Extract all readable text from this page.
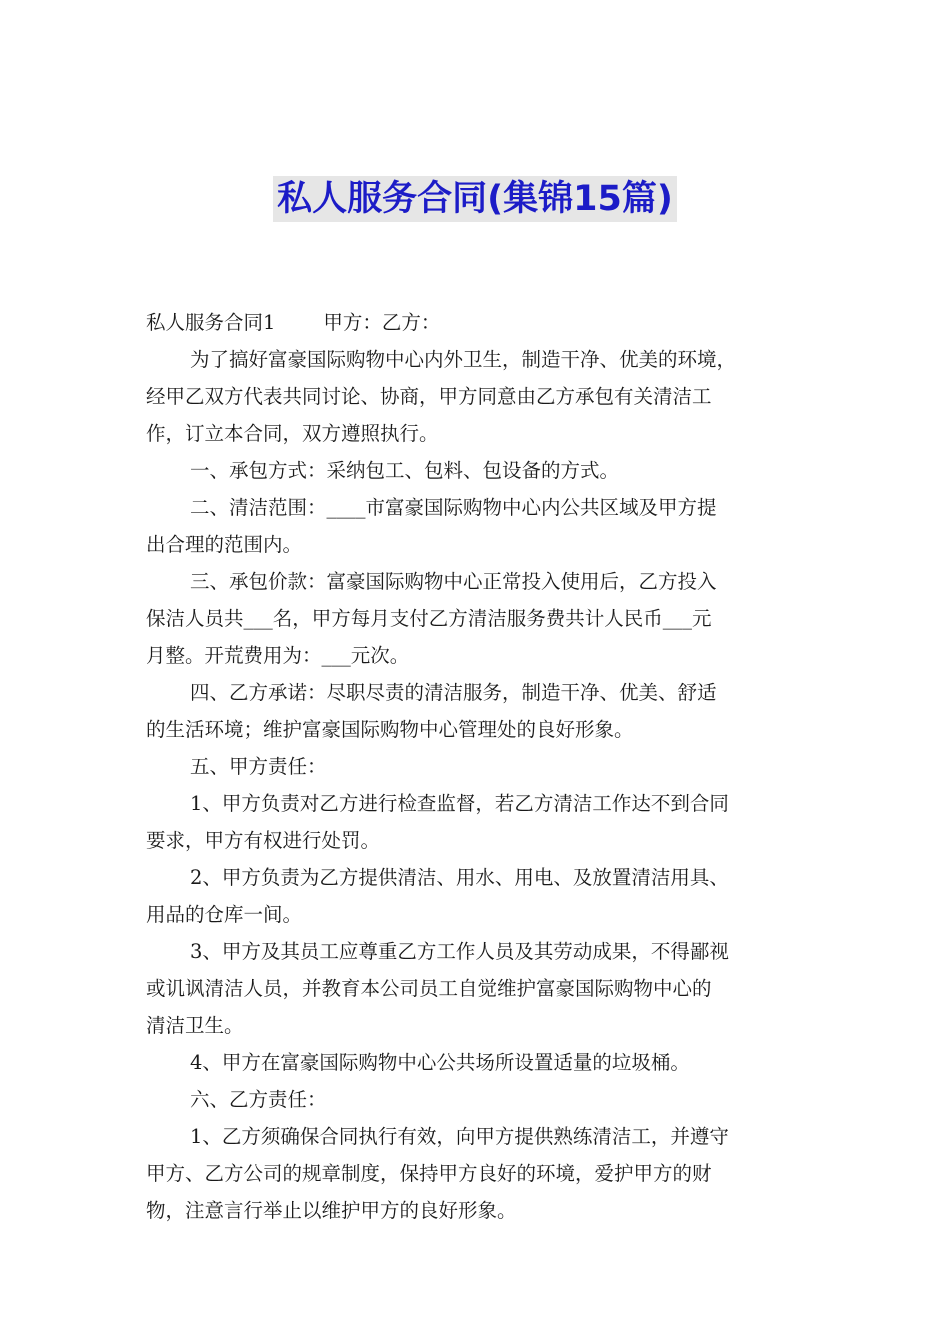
私人服务合同(集锦15篇)
私人服务合同1 甲方：乙方：
为了搞好富豪国际购物中心内外卫生，制造干净、优美的环境，
经甲乙双方代表共同讨论、协商，甲方同意由乙方承包有关清洁工
作，订立本合同，双方遵照执行。
一、承包方式：采纳包工、包料、包设备的方式。
二、清洁范围：____市富豪国际购物中心内公共区域及甲方提
出合理的范围内。
三、承包价款：富豪国际购物中心正常投入使用后，乙方投入
保洁人员共___名，甲方每月支付乙方清洁服务费共计人民币___元
月整。开荒费用为：___元次。
四、乙方承诺：尽职尽责的清洁服务，制造干净、优美、舒适
的生活环境；维护富豪国际购物中心管理处的良好形象。
五、甲方责任：
1、甲方负责对乙方进行检查监督，若乙方清洁工作达不到合同
要求，甲方有权进行处罚。
2、甲方负责为乙方提供清洁、用水、用电、及放置清洁用具、
用品的仓库一间。
3、甲方及其员工应尊重乙方工作人员及其劳动成果，不得鄙视
或讥讽清洁人员，并教育本公司员工自觉维护富豪国际购物中心的
清洁卫生。
4、甲方在富豪国际购物中心公共场所设置适量的垃圾桶。
六、乙方责任：
1、乙方须确保合同执行有效，向甲方提供熟练清洁工，并遵守
甲方、乙方公司的规章制度，保持甲方良好的环境，爱护甲方的财
物，注意言行举止以维护甲方的良好形象。
